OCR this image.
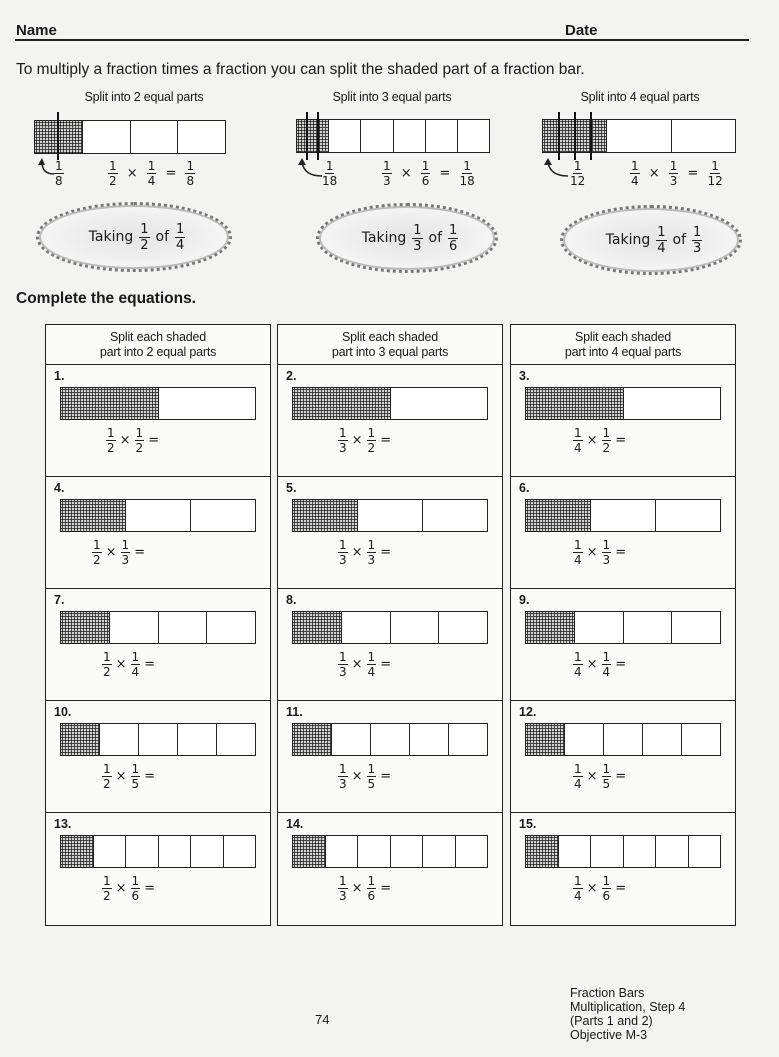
Name	Date
To multiply a fraction times a fraction you can split the shaded part of a fraction bar.
Split into 2 equal parts
$\frac{1}{8}$	$\frac{1}{2} \times \frac{1}{4} = \frac{1}{8}$
Taking $\frac{1}{2}$ of $\frac{1}{4}$
Split into 3 equal parts
$\frac{1}{18}$	$\frac{1}{3} \times \frac{1}{6} = \frac{1}{18}$
Taking $\frac{1}{3}$ of $\frac{1}{6}$
Split into 4 equal parts
$\frac{1}{12}$	$\frac{1}{4} \times \frac{1}{3} = \frac{1}{12}$
Taking $\frac{1}{4}$ of $\frac{1}{3}$
Complete the equations.
Split each shaded
part into 2 equal parts
1.
$\frac{1}{2} \times \frac{1}{2}$ =
4.
$\frac{1}{2} \times \frac{1}{3}$ =
7.
$\frac{1}{2} \times \frac{1}{4}$ =
10.
$\frac{1}{2} \times \frac{1}{5}$ =
13.
$\frac{1}{2} \times \frac{1}{6}$ =
Split each shaded
part into 3 equal parts
2.
$\frac{1}{3} \times \frac{1}{2}$ =
5.
$\frac{1}{3} \times \frac{1}{3}$ =
8.
$\frac{1}{3} \times \frac{1}{4}$ =
11.
$\frac{1}{3} \times \frac{1}{5}$ =
14.
$\frac{1}{3} \times \frac{1}{6}$ =
Split each shaded
part into 4 equal parts
3.
$\frac{1}{4} \times \frac{1}{2}$ =
6.
$\frac{1}{4} \times \frac{1}{3}$ =
9.
$\frac{1}{4} \times \frac{1}{4}$ =
12.
$\frac{1}{4} \times \frac{1}{5}$ =
15.
$\frac{1}{4} \times \frac{1}{6}$ =
74
Fraction Bars
Multiplication, Step 4
(Parts 1 and 2)
Objective M-3
